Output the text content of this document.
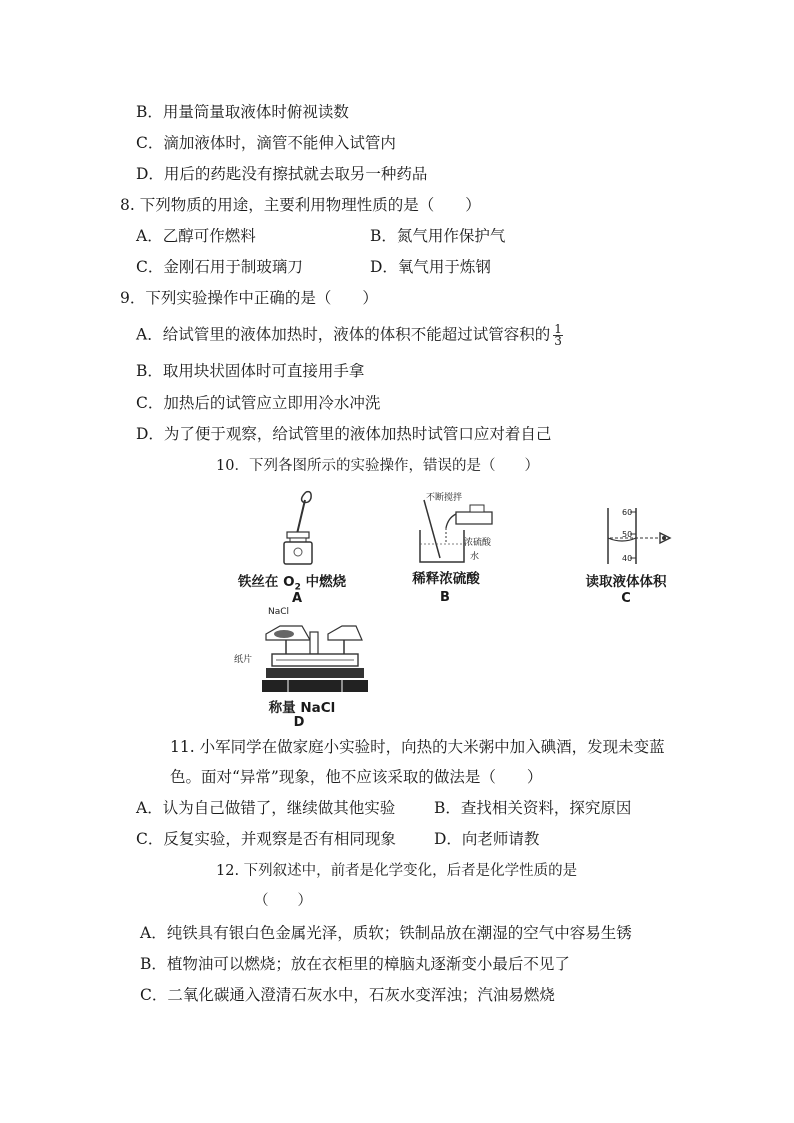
B．用量筒量取液体时俯视读数
C．滴加液体时，滴管不能伸入试管内
D．用后的药匙没有擦拭就去取另一种药品
8. 下列物质的用途，主要利用物理性质的是（　　）
A．乙醇可作燃料	B．氮气用作保护气
C．金刚石用于制玻璃刀	D．氧气用于炼钢
9．下列实验操作中正确的是（　　）
A．给试管里的液体加热时，液体的体积不能超过试管容积的 $\frac{1}{3}$
B．取用块状固体时可直接用手拿
C．加热后的试管应立即用冷水冲洗
D．为了便于观察，给试管里的液体加热时试管口应对着自己
10．下列各图所示的实验操作，错误的是（　　）
铁丝在 $O_2$ 中燃烧
A
不断搅拌
浓硫酸
水
稀释浓硫酸
B
60
50
40
读取液体体积
C
NaCl
纸片
称量 NaCl
D
11. 小军同学在做家庭小实验时，向热的大米粥中加入碘酒，发现未变蓝
色。面对“异常”现象，他不应该采取的做法是（　　）
A．认为自己做错了，继续做其他实验	B．查找相关资料，探究原因
C．反复实验，并观察是否有相同现象 D．向老师请教
12. 下列叙述中，前者是化学变化，后者是化学性质的是
（　　）
A．纯铁具有银白色金属光泽，质软；铁制品放在潮湿的空气中容易生锈
B．植物油可以燃烧；放在衣柜里的樟脑丸逐渐变小最后不见了
C．二氧化碳通入澄清石灰水中，石灰水变浑浊；汽油易燃烧
